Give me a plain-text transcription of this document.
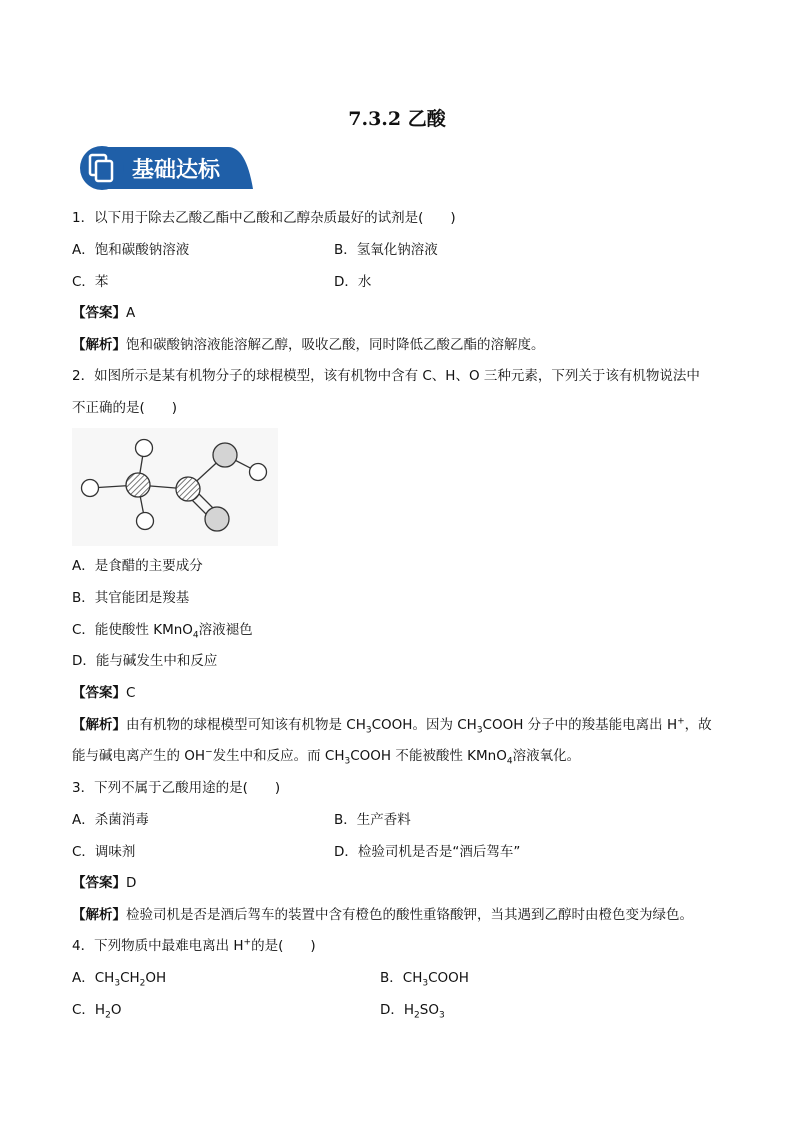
7.3.2 乙酸
基础达标
1．以下用于除去乙酸乙酯中乙酸和乙醇杂质最好的试剂是(　　)
A．饱和碳酸钠溶液	B．氢氧化钠溶液
C．苯	D．水
【答案】A
【解析】饱和碳酸钠溶液能溶解乙醇，吸收乙酸，同时降低乙酸乙酯的溶解度。
2．如图所示是某有机物分子的球棍模型，该有机物中含有 C、H、O 三种元素，下列关于该有机物说法中
不正确的是(　　)
A．是食醋的主要成分
B．其官能团是羧基
C．能使酸性 KMnO$_4$溶液褪色
D．能与碱发生中和反应
【答案】C
【解析】由有机物的球棍模型可知该有机物是 $CH_3COOH$。因为 $CH_3COOH$ 分子中的羧基能电离出 H+，故
能与碱电离产生的 OH−发生中和反应。而 $CH_3COOH$ 不能被酸性 KMnO$_4$溶液氧化。
3．下列不属于乙酸用途的是(　　)
A．杀菌消毒	B．生产香料
C．调味剂	D．检验司机是否是“酒后驾车”
【答案】D
【解析】检验司机是否是酒后驾车的装置中含有橙色的酸性重铬酸钾，当其遇到乙醇时由橙色变为绿色。
4．下列物质中最难电离出 H+的是(　　)
A．$CH_3CH_2OH$	B．$CH_3COOH$
C．$H_2O$	D．$H_2SO_3$
